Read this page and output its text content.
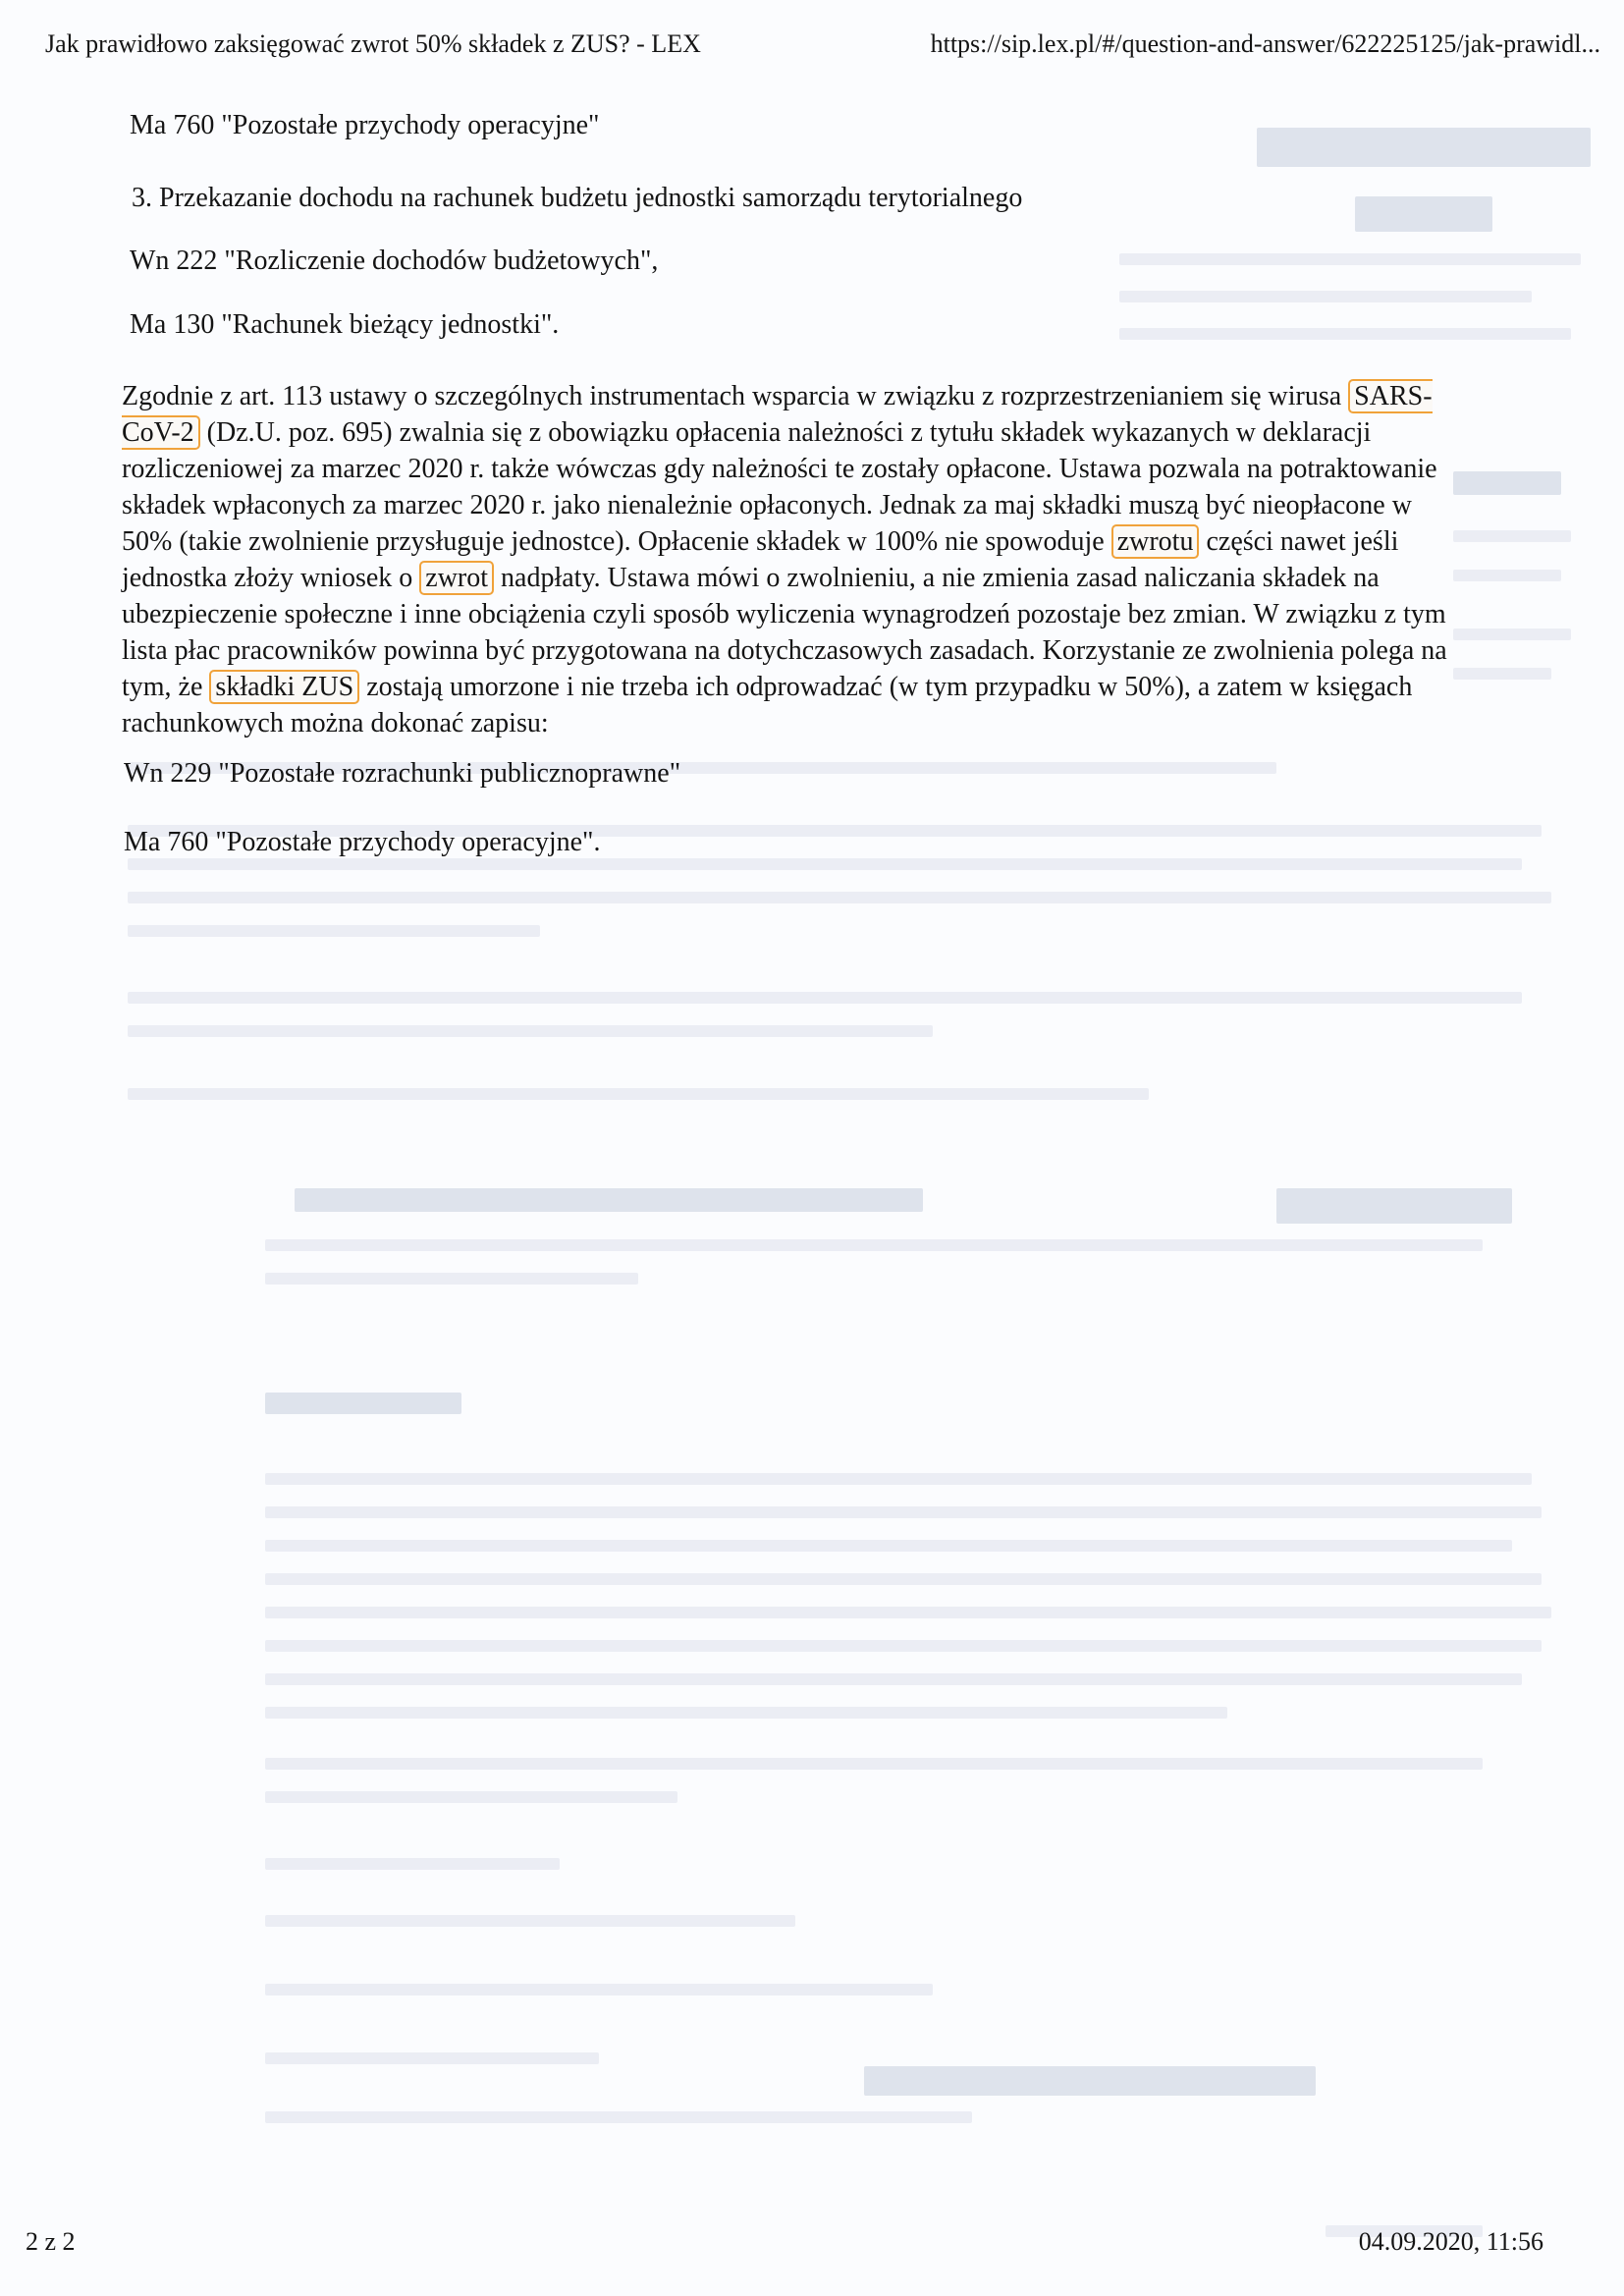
Jak prawidłowo zaksięgować zwrot 50% składek z ZUS? - LEX	https://sip.lex.pl/#/question-and-answer/622225125/jak-prawidl...
Ma 760 "Pozostałe przychody operacyjne"
3. Przekazanie dochodu na rachunek budżetu jednostki samorządu terytorialnego
Wn 222 "Rozliczenie dochodów budżetowych",
Ma 130 "Rachunek bieżący jednostki".

Zgodnie z art. 113 ustawy o szczególnych instrumentach wsparcia w związku z rozprzestrzenianiem się wirusa SARS-CoV-2 (Dz.U. poz. 695) zwalnia się z obowiązku opłacenia należności z tytułu składek wykazanych w deklaracji rozliczeniowej za marzec 2020 r. także wówczas gdy należności te zostały opłacone. Ustawa pozwala na potraktowanie składek wpłaconych za marzec 2020 r. jako nienależnie opłaconych. Jednak za maj składki muszą być nieopłacone w 50% (takie zwolnienie przysługuje jednostce). Opłacenie składek w 100% nie spowoduje zwrotu części nawet jeśli jednostka złoży wniosek o zwrot nadpłaty. Ustawa mówi o zwolnieniu, a nie zmienia zasad naliczania składek na ubezpieczenie społeczne i inne obciążenia czyli sposób wyliczenia wynagrodzeń pozostaje bez zmian. W związku z tym lista płac pracowników powinna być przygotowana na dotychczasowych zasadach. Korzystanie ze zwolnienia polega na tym, że składki ZUS zostają umorzone i nie trzeba ich odprowadzać (w tym przypadku w 50%), a zatem w księgach rachunkowych można dokonać zapisu:

Wn 229 "Pozostałe rozrachunki publicznoprawne"
Ma 760 "Pozostałe przychody operacyjne".
2 z 2	04.09.2020, 11:56
